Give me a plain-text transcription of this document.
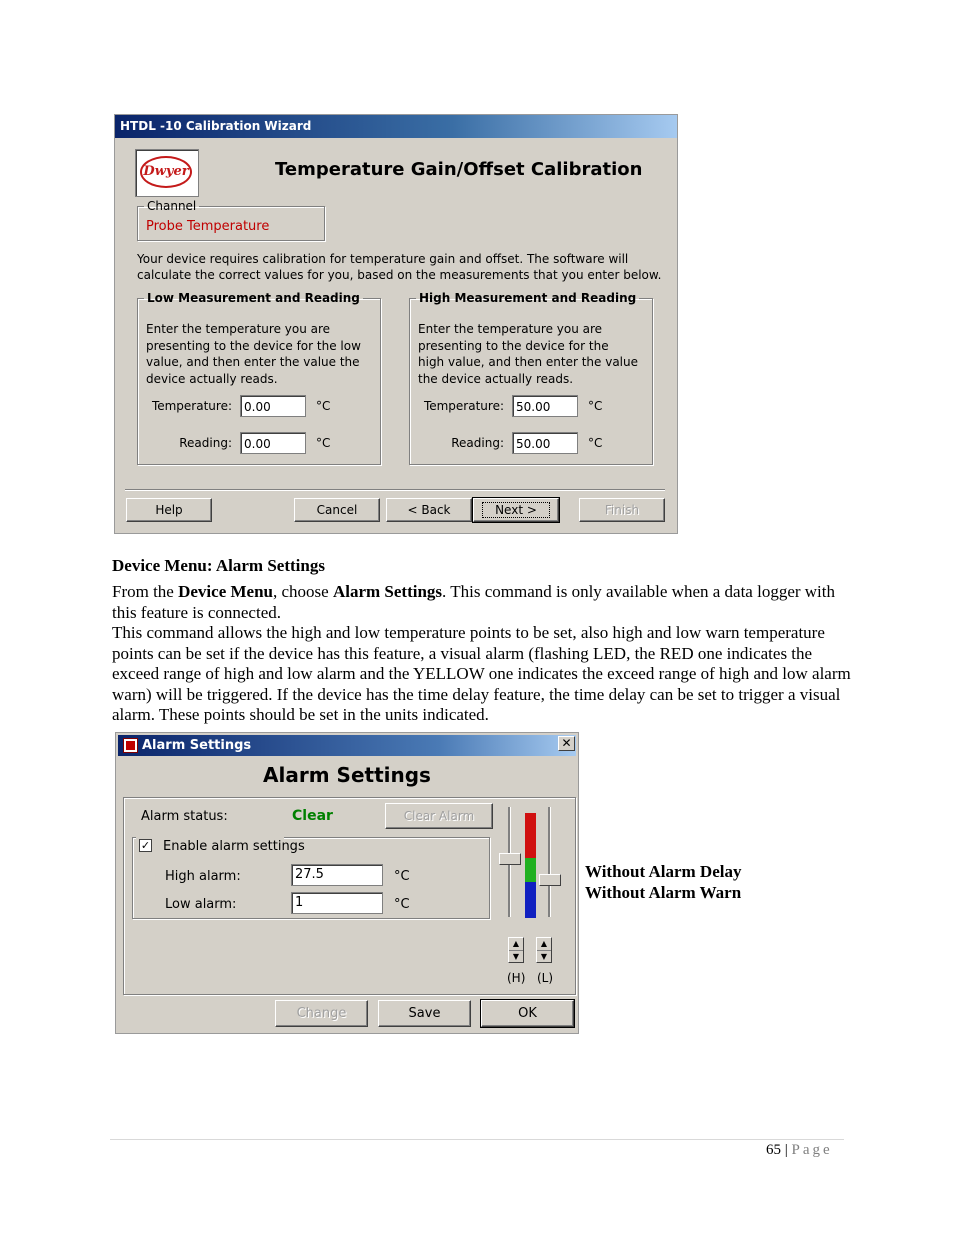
HTDL -10 Calibration Wizard
Dwyer	Temperature Gain/Offset Calibration
Channel
Probe Temperature
Your device requires calibration for temperature gain and offset. The software will calculate the correct values for you, based on the measurements that you enter below.
Low Measurement and Reading
Enter the temperature you are presenting to the device for the low value, and then enter the value the device actually reads.
Temperature:	0.00	°C
Reading:	0.00	°C
High Measurement and Reading
Enter the temperature you are presenting to the device for the high value, and then enter the value the device actually reads.
Temperature:	50.00	°C
Reading:	50.00	°C
Help	Cancel	< Back	Next >	Finish
Device Menu: Alarm Settings
From the Device Menu, choose Alarm Settings. This command is only available when a data logger with this feature is connected.
This command allows the high and low temperature points to be set, also high and low warn temperature points can be set if the device has this feature, a visual alarm (flashing LED, the RED one indicates the exceed range of high and low alarm and the YELLOW one indicates the exceed range of high and low alarm warn) will be triggered. If the device has the time delay feature, the time delay can be set to trigger a visual alarm. These points should be set in the units indicated.
Alarm Settings	✕
Alarm Settings
Alarm status:	Clear	Clear Alarm
✓ Enable alarm settings
High alarm:	27.5	°C
Low alarm:	1	°C
▲
▼
▲
▼
(H) (L)
Change	Save	OK
Without Alarm Delay
Without Alarm Warn
65 | Page
